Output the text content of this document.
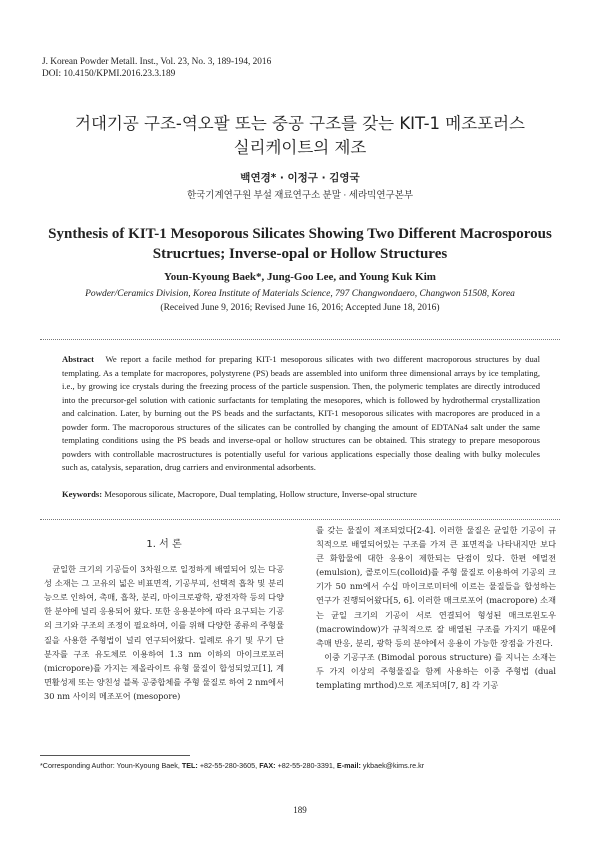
J. Korean Powder Metall. Inst., Vol. 23, No. 3, 189-194, 2016
DOI: 10.4150/KPMI.2016.23.3.189
거대기공 구조-역오팔 또는 중공 구조를 갖는 KIT-1 메조포러스
실리케이트의 제조
백연경* · 이정구 · 김영국
한국기계연구원 부설 재료연구소 분말 · 세라믹연구본부
Synthesis of KIT-1 Mesoporous Silicates Showing Two Different Macrosporous
Strucrtues; Inverse-opal or Hollow Structures
Youn-Kyoung Baek*, Jung-Goo Lee, and Young Kuk Kim
Powder/Ceramics Division, Korea Institute of Materials Science, 797 Changwondaero, Changwon 51508, Korea
(Received June 9, 2016; Revised June 16, 2016; Accepted June 18, 2016)
Abstract We report a facile method for preparing KIT-1 mesoporous silicates with two different macroporous structures by dual templating. As a template for macropores, polystyrene (PS) beads are assembled into uniform three dimensional arrays by ice templating, i.e., by growing ice crystals during the freezing process of the particle suspension. Then, the polymeric templates are directly introduced into the precursor-gel solution with cationic surfactants for templating the mesopores, which is followed by hydrothermal crystallization and calcination. Later, by burning out the PS beads and the surfactants, KIT-1 mesoporous silicates with macropores are produced in a powder form. The macroporous structures of the silicates can be controlled by changing the amount of EDTANa4 salt under the same templating conditions using the PS beads and inverse-opal or hollow structures can be obtained. This strategy to prepare mesoporous powders with controllable macrostructures is potentially useful for various applications especially those dealing with bulky molecules such as, catalysis, separation, drug carriers and environmental adsorbents.
Keywords: Mesoporous silicate, Macropore, Dual templating, Hollow structure, Inverse-opal structure
1. 서 론

균일한 크기의 기공들이 3차원으로 일정하게 배열되어 있는 다공성 소재는 그 고유의 넓은 비표면적, 기공부피, 선택적 흡착 및 분리능으로 인하여, 촉매, 흡착, 분리, 마이크로광학, 광전자학 등의 다양한 분야에 널리 응용되어 왔다. 또한 응용분야에 따라 요구되는 기공의 크기와 구조의 조정이 필요하며, 이를 위해 다양한 종류의 주형물질을 사용한 주형법이 널리 연구되어왔다. 일례로 유기 및 무기 단 분자를 구조 유도체로 이용하여 1.3 nm 이하의 마이크로포러 (micropore)를 가지는 제올라이트 유형 물질이 합성되었고[1], 계면활성제 또는 양친성 블록 공중합체를 주형 물질로 하여 2 nm에서 30 nm 사이의 메조포어 (mesopore)

를 갖는 물질이 제조되었다[2-4]. 이러한 물질은 균일한 기공이 규칙적으로 배열되어있는 구조를 가져 큰 표면적을 나타내지만 보다 큰 화합물에 대한 응용이 제한되는 단점이 있다. 한편 에멀젼(emulsion), 콜로이드(colloid)를 주형 물질로 이용하여 기공의 크기가 50 nm에서 수십 마이크로미터에 이르는 물질들을 합성하는 연구가 진행되어왔다[5, 6]. 이러한 매크로포어 (macropore) 소재는 균일 크기의 기공이 서로 연결되어 형성된 매크로윈도우 (macrowindow)가 규칙적으로 잘 배열된 구조를 가지기 때문에 촉매 반응, 분리, 광학 등의 분야에서 응용이 가능한 장점을 가진다.

이중 기공구조 (Bimodal porous structure) 를 지니는 소재는 두 가지 이상의 주형물질을 함께 사용하는 이중 주형법 (dual templating mrthod)으로 제조되며[7, 8] 각 기공

*Corresponding Author: Youn-Kyoung Baek, TEL: +82-55-280-3605, FAX: +82-55-280-3391, E-mail: ykbaek@kims.re.kr
189
